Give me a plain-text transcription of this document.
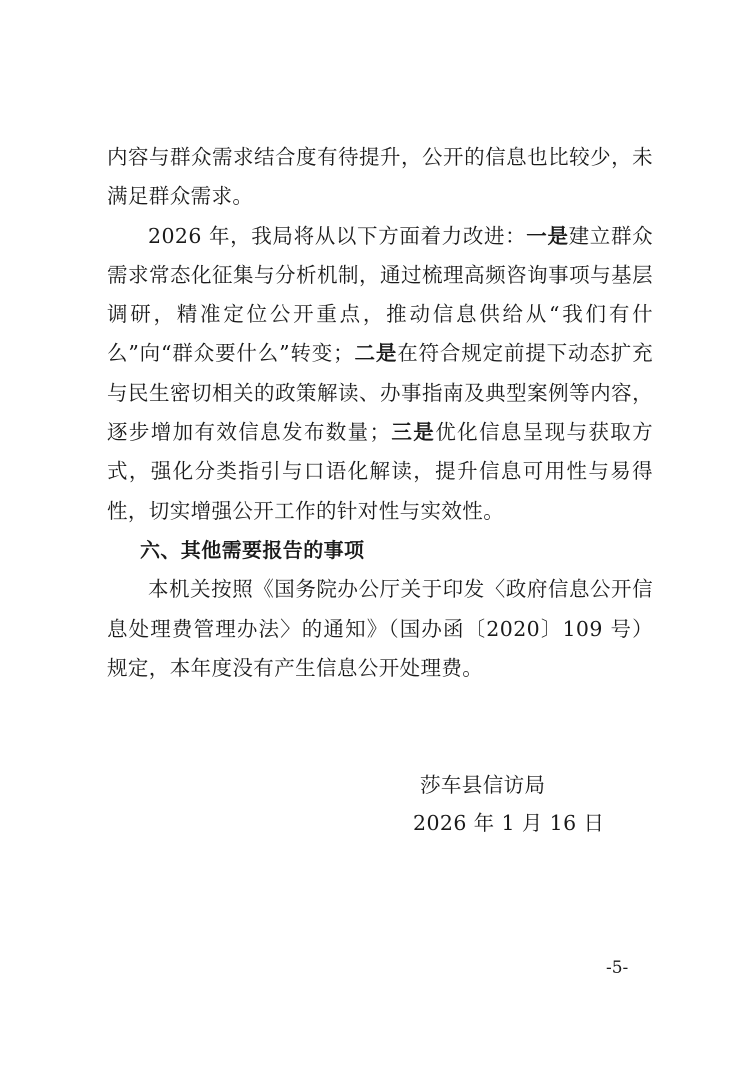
内容与群众需求结合度有待提升，公开的信息也比较少，未满足群众需求。

2026 年，我局将从以下方面着力改进：一是建立群众需求常态化征集与分析机制，通过梳理高频咨询事项与基层调研，精准定位公开重点，推动信息供给从“我们有什么”向“群众要什么”转变；二是在符合规定前提下动态扩充与民生密切相关的政策解读、办事指南及典型案例等内容，逐步增加有效信息发布数量；三是优化信息呈现与获取方式，强化分类指引与口语化解读，提升信息可用性与易得性，切实增强公开工作的针对性与实效性。

六、其他需要报告的事项

本机关按照《国务院办公厅关于印发〈政府信息公开信息处理费管理办法〉的通知》（国办函〔2020〕109 号）规定，本年度没有产生信息公开处理费。

莎车县信访局
2026 年 1 月 16 日
-5-
